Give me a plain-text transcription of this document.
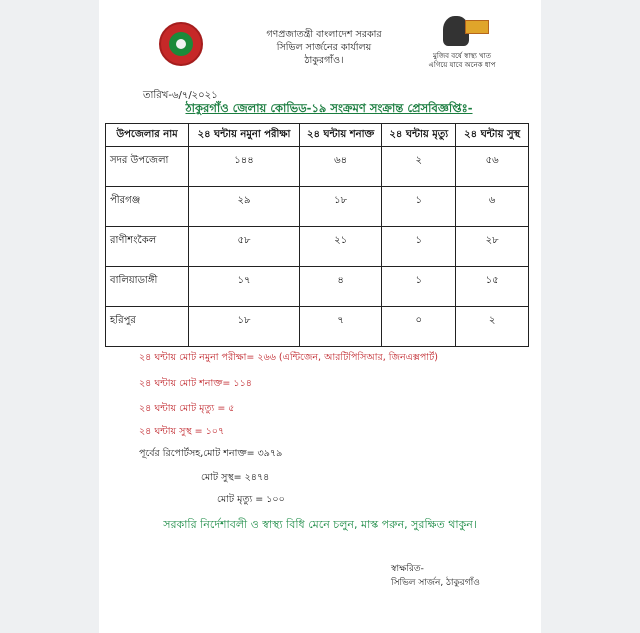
গণপ্রজাতন্ত্রী বাংলাদেশ সরকার
সিভিল সার্জনের কার্যালয়
ঠাকুরগাঁও।	মুজিব বর্ষে স্বাস্থ্য খাত
এগিয়ে যাবে অনেক ধাপ
তারিখ-৬/৭/২০২১
ঠাকুরগাঁও জেলায় কোভিড-১৯ সংক্রমণ সংক্রান্ত প্রেসবিজ্ঞপ্তিঃ-
উপজেলার নাম	২৪ ঘন্টায় নমুনা পরীক্ষা	২৪ ঘন্টায় শনাক্ত	২৪ ঘন্টায় মৃত্যু	২৪ ঘন্টায় সুস্থ
সদর উপজেলা	১৪৪	৬৪	২	৫৬
পীরগঞ্জ	২৯	১৮	১	৬
রাণীশংকৈল	৫৮	২১	১	২৮
বালিয়াডাঙ্গী	১৭	৪	১	১৫
হরিপুর	১৮	৭	০	২
২৪ ঘন্টায় মোট নমুনা পরীক্ষা= ২৬৬ (এন্টিজেন, আরটিপিসিআর, জিনএক্সপার্ট)
২৪ ঘন্টায় মোট শনাক্ত= ১১৪
২৪ ঘন্টায় মোট মৃত্যু = ৫
২৪ ঘন্টায় সুস্থ = ১০৭
পূর্বের রিপোর্টসহ,মোট শনাক্ত= ৩৯৭৯
মোট সুস্থ= ২৪৭৪
মোট মৃত্যু = ১০০
সরকারি নির্দেশাবলী ও স্বাস্থ্য বিধি মেনে চলুন, মাস্ক পরুন, সুরক্ষিত থাকুন।
স্বাক্ষরিত-
সিভিল সার্জন, ঠাকুরগাঁও
